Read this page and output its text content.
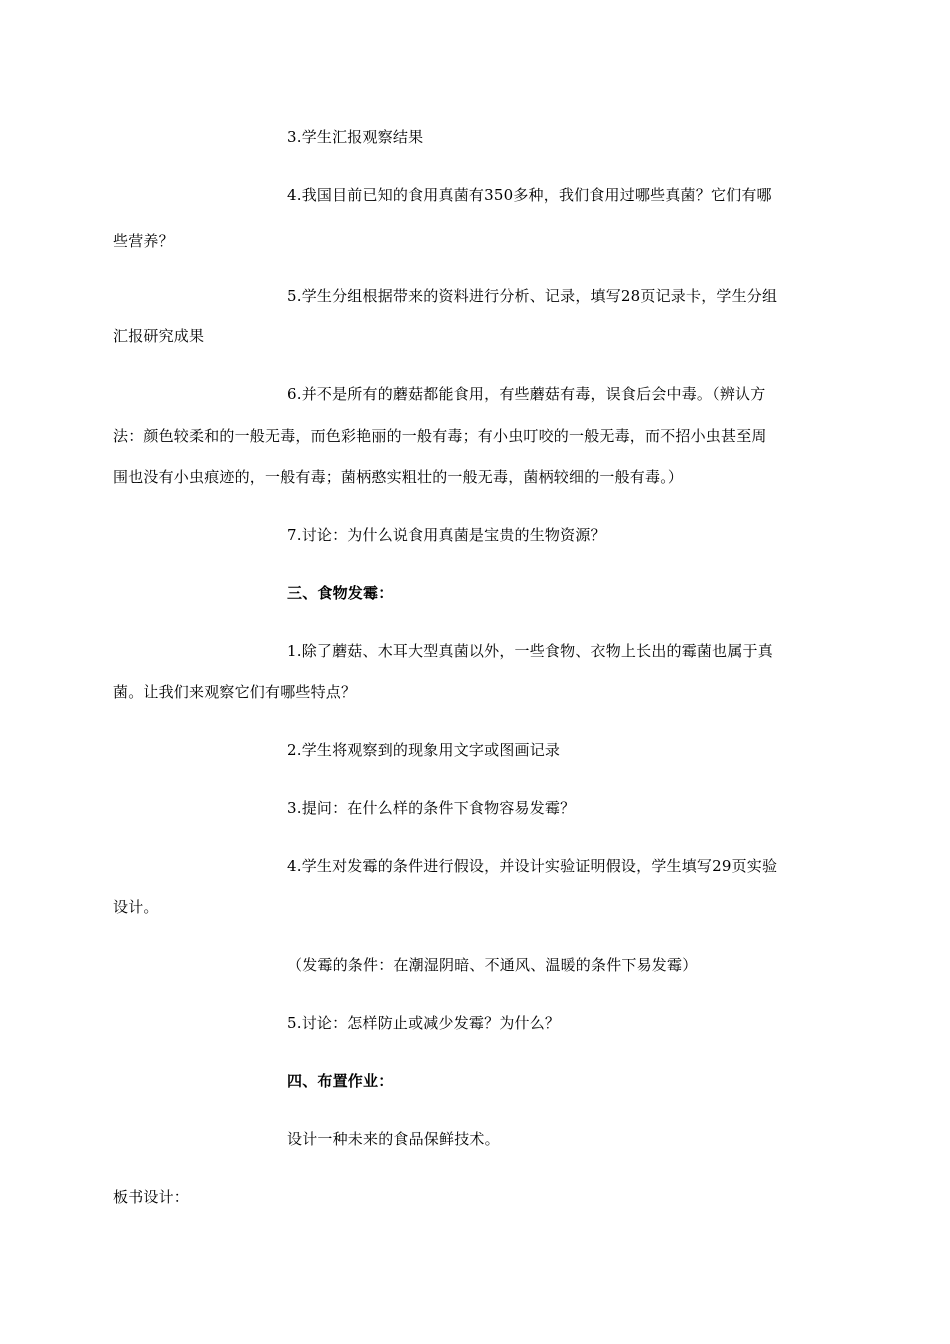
3.学生汇报观察结果
4.我国目前已知的食用真菌有350多种，我们食用过哪些真菌？它们有哪
些营养？
5.学生分组根据带来的资料进行分析、记录，填写28页记录卡，学生分组
汇报研究成果
6.并不是所有的蘑菇都能食用，有些蘑菇有毒，误食后会中毒。（辨认方
法：颜色较柔和的一般无毒，而色彩艳丽的一般有毒；有小虫叮咬的一般无毒，而不招小虫甚至周
围也没有小虫痕迹的，一般有毒；菌柄憨实粗壮的一般无毒，菌柄较细的一般有毒。）
7.讨论：为什么说食用真菌是宝贵的生物资源？
三、食物发霉：
1.除了蘑菇、木耳大型真菌以外，一些食物、衣物上长出的霉菌也属于真
菌。让我们来观察它们有哪些特点？
2.学生将观察到的现象用文字或图画记录
3.提问：在什么样的条件下食物容易发霉？
4.学生对发霉的条件进行假设，并设计实验证明假设，学生填写29页实验
设计。
（发霉的条件：在潮湿阴暗、不通风、温暖的条件下易发霉）
5.讨论：怎样防止或减少发霉？为什么？
四、布置作业：
设计一种未来的食品保鲜技术。
板书设计：
